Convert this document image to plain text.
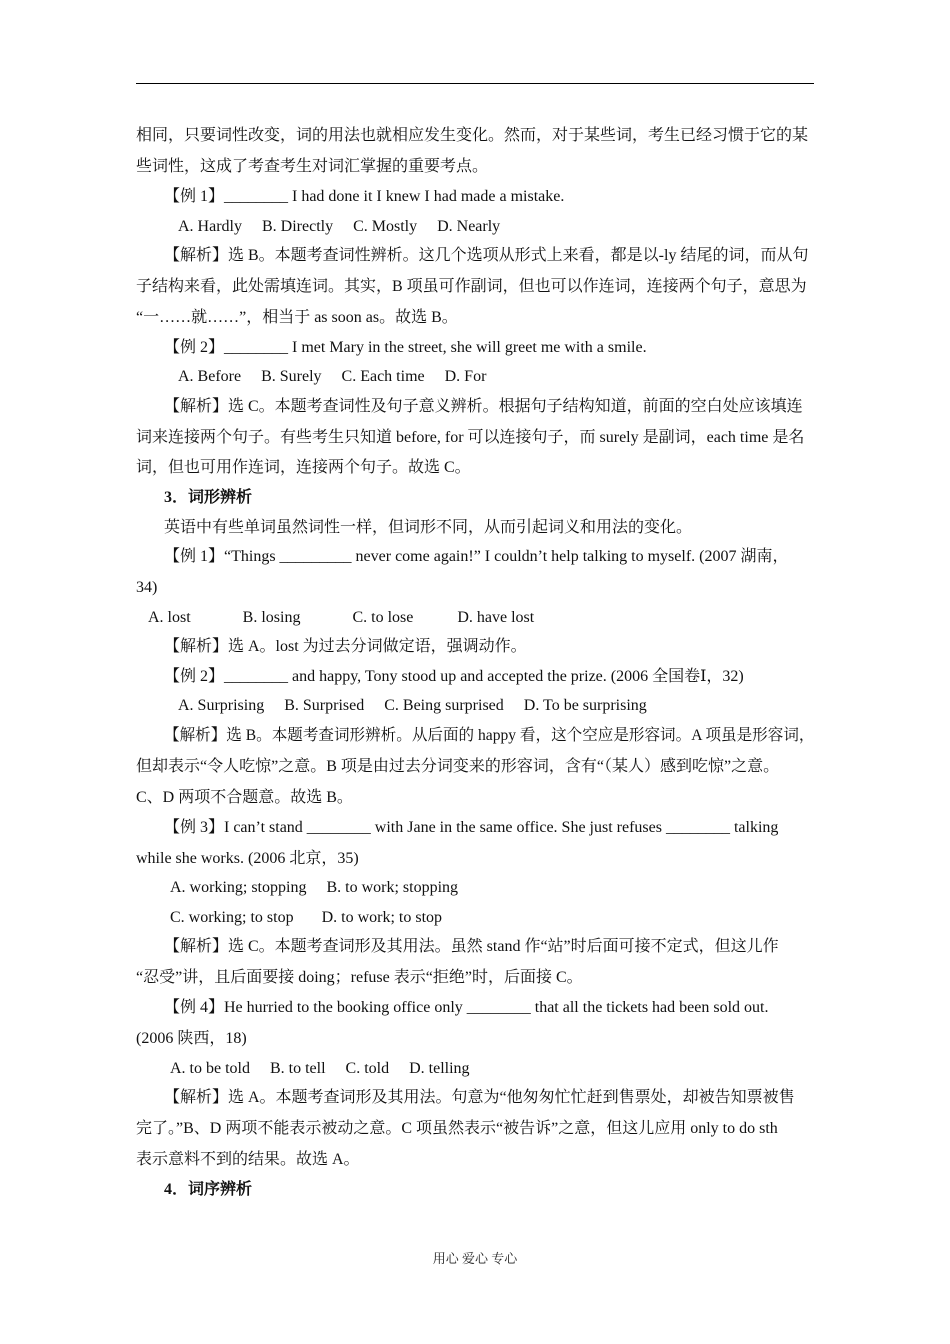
相同，只要词性改变，词的用法也就相应发生变化。然而，对于某些词，考生已经习惯于它的某
些词性，这成了考查考生对词汇掌握的重要考点。
【例 1】________ I had done it I knew I had made a mistake.
A. Hardly     B. Directly     C. Mostly     D. Nearly
【解析】选 B。本题考查词性辨析。这几个选项从形式上来看，都是以-ly 结尾的词，而从句
子结构来看，此处需填连词。其实，B 项虽可作副词，但也可以作连词，连接两个句子，意思为
“一……就……”，相当于 as soon as。故选 B。
【例 2】________ I met Mary in the street, she will greet me with a smile.
A. Before     B. Surely     C. Each time     D. For
【解析】选 C。本题考查词性及句子意义辨析。根据句子结构知道，前面的空白处应该填连
词来连接两个句子。有些考生只知道 before, for 可以连接句子，而 surely 是副词，each time 是名
词，但也可用作连词，连接两个句子。故选 C。
3．词形辨析
英语中有些单词虽然词性一样，但词形不同，从而引起词义和用法的变化。
【例 1】“Things _________ never come again!” I couldn’t help talking to myself. (2007 湖南，
34)
A. lost             B. losing             C. to lose           D. have lost
【解析】选 A。lost 为过去分词做定语，强调动作。
【例 2】________ and happy, Tony stood up and accepted the prize. (2006 全国卷Ⅰ，32)
A. Surprising     B. Surprised     C. Being surprised     D. To be surprising
【解析】选 B。本题考查词形辨析。从后面的 happy 看，这个空应是形容词。A 项虽是形容词，
但却表示“令人吃惊”之意。B 项是由过去分词变来的形容词，含有“（某人）感到吃惊”之意。
C、D 两项不合题意。故选 B。
【例 3】I can’t stand ________ with Jane in the same office. She just refuses ________ talking
while she works. (2006 北京，35)
A. working; stopping     B. to work; stopping
C. working; to stop       D. to work; to stop
【解析】选 C。本题考查词形及其用法。虽然 stand 作“站”时后面可接不定式，但这儿作
“忍受”讲，且后面要接 doing；refuse 表示“拒绝”时，后面接 C。
【例 4】He hurried to the booking office only ________ that all the tickets had been sold out.
(2006 陕西，18)
A. to be told     B. to tell     C. told     D. telling
【解析】选 A。本题考查词形及其用法。句意为“他匆匆忙忙赶到售票处，却被告知票被售
完了。”B、D 两项不能表示被动之意。C 项虽然表示“被告诉”之意，但这儿应用 only to do sth
表示意料不到的结果。故选 A。
4．词序辨析
用心 爱心 专心
